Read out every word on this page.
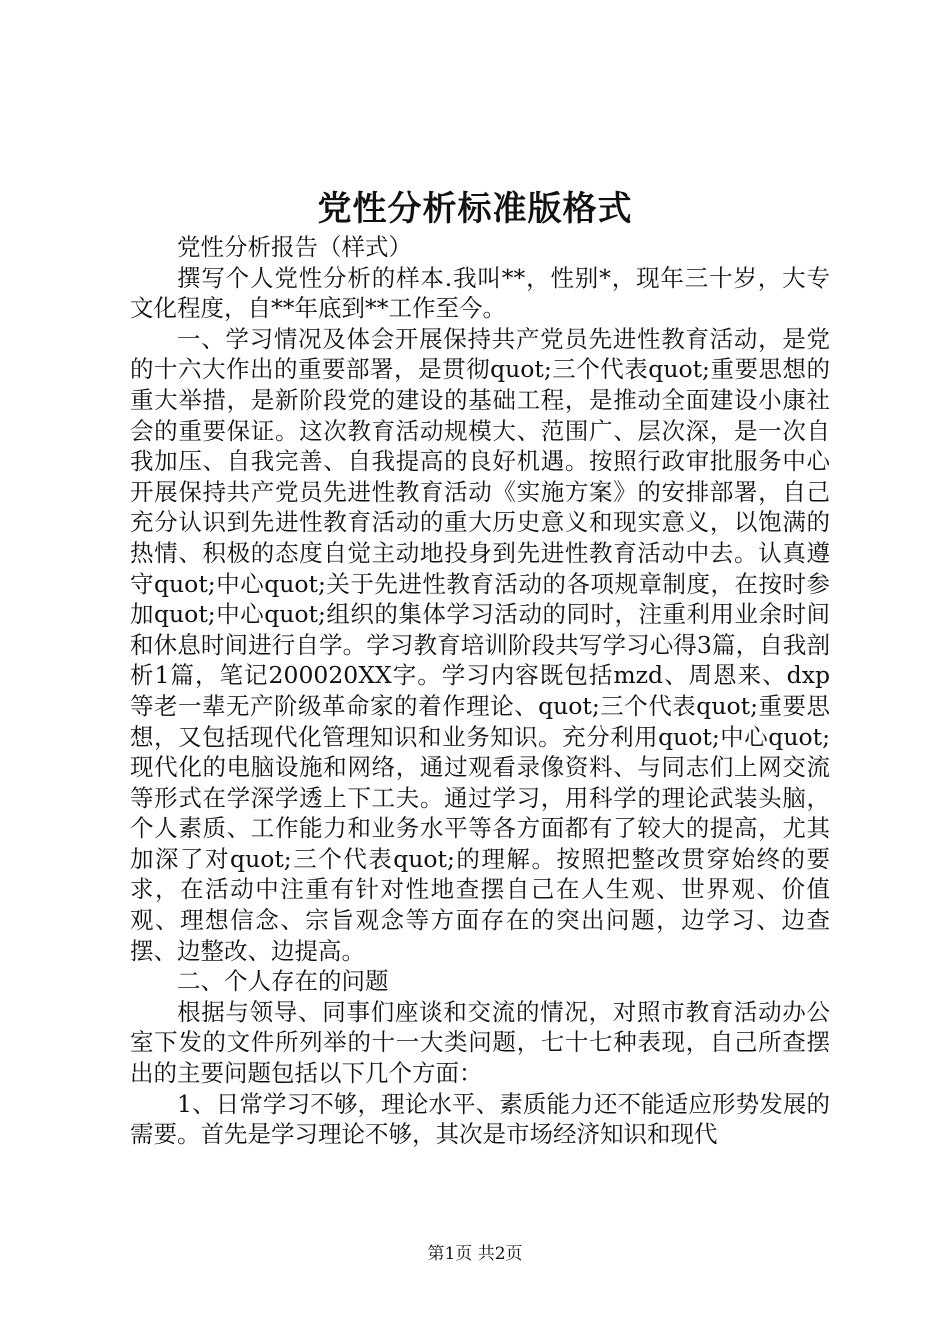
党性分析标准版格式

党性分析报告（样式）

撰写个人党性分析的样本.我叫**，性别*，现年三十岁，大专文化程度，自**年底到**工作至今。

一、学习情况及体会开展保持共产党员先进性教育活动，是党的十六大作出的重要部署，是贯彻quot;三个代表quot;重要思想的重大举措，是新阶段党的建设的基础工程，是推动全面建设小康社会的重要保证。这次教育活动规模大、范围广、层次深，是一次自我加压、自我完善、自我提高的良好机遇。按照行政审批服务中心开展保持共产党员先进性教育活动《实施方案》的安排部署，自己充分认识到先进性教育活动的重大历史意义和现实意义，以饱满的热情、积极的态度自觉主动地投身到先进性教育活动中去。认真遵守quot;中心quot;关于先进性教育活动的各项规章制度，在按时参加quot;中心quot;组织的集体学习活动的同时，注重利用业余时间和休息时间进行自学。学习教育培训阶段共写学习心得3篇，自我剖析1篇，笔记200020XX字。学习内容既包括mzd、周恩来、dxp等老一辈无产阶级革命家的着作理论、quot;三个代表quot;重要思想，又包括现代化管理知识和业务知识。充分利用quot;中心quot;现代化的电脑设施和网络，通过观看录像资料、与同志们上网交流等形式在学深学透上下工夫。通过学习，用科学的理论武装头脑，个人素质、工作能力和业务水平等各方面都有了较大的提高，尤其加深了对quot;三个代表quot;的理解。按照把整改贯穿始终的要求，在活动中注重有针对性地查摆自己在人生观、世界观、价值观、理想信念、宗旨观念等方面存在的突出问题，边学习、边查摆、边整改、边提高。

二、个人存在的问题

根据与领导、同事们座谈和交流的情况，对照市教育活动办公室下发的文件所列举的十一大类问题，七十七种表现，自己所查摆出的主要问题包括以下几个方面：

1、日常学习不够，理论水平、素质能力还不能适应形势发展的需要。首先是学习理论不够，其次是市场经济知识和现代

第1页 共2页
